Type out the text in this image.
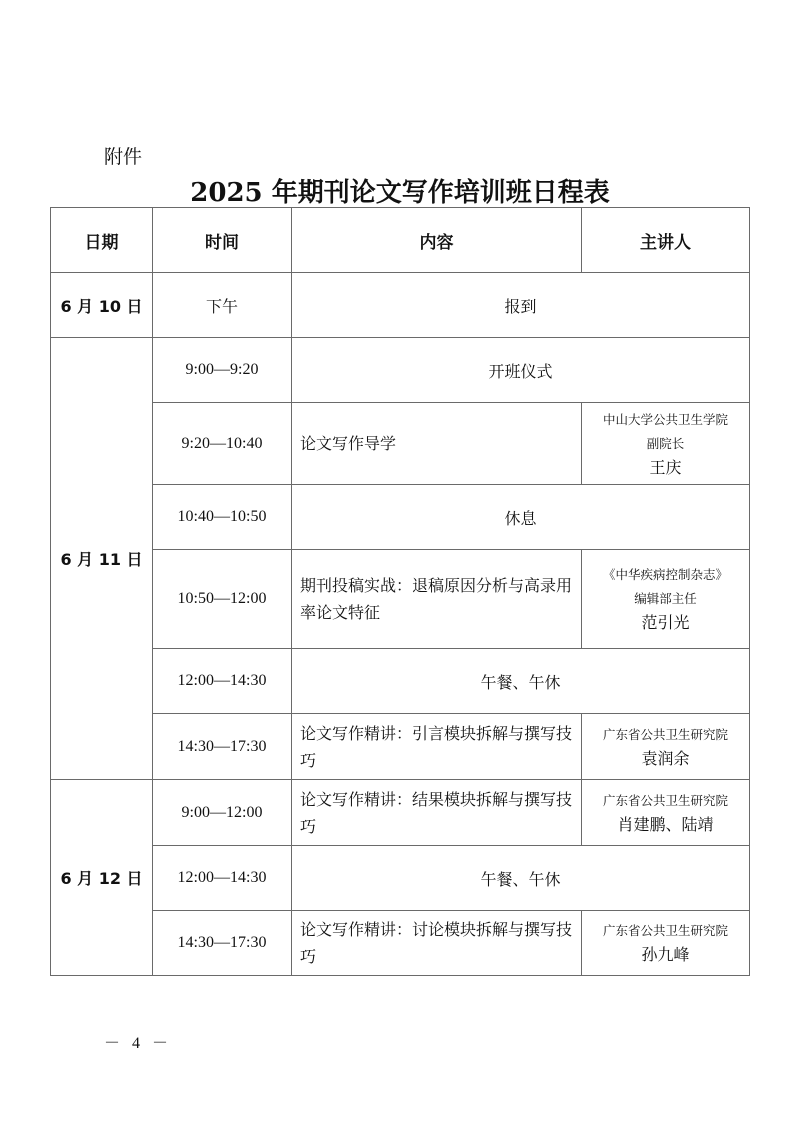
附件
2025 年期刊论文写作培训班日程表
日期	时间	内容	主讲人
6 月 10 日	下午	报到	
6 月 11 日	9:00—9:20	开班仪式	
	9:20—10:40	论文写作导学	中山大学公共卫生学院
副院长
王庆

	10:40—10:50	休息	
	10:50—12:00	期刊投稿实战：退稿原因分析与高录用率论文特征	《中华疾病控制杂志》
编辑部主任
范引光

	12:00—14:30	午餐、午休	
	14:30—17:30	论文写作精讲：引言模块拆解与撰写技巧	广东省公共卫生研究院
袁润余

6 月 12 日	9:00—12:00	论文写作精讲：结果模块拆解与撰写技巧	广东省公共卫生研究院
肖建鹏、陆靖

	12:00—14:30	午餐、午休	
	14:30—17:30	论文写作精讲：讨论模块拆解与撰写技巧	广东省公共卫生研究院
孙九峰
－ 4 －
